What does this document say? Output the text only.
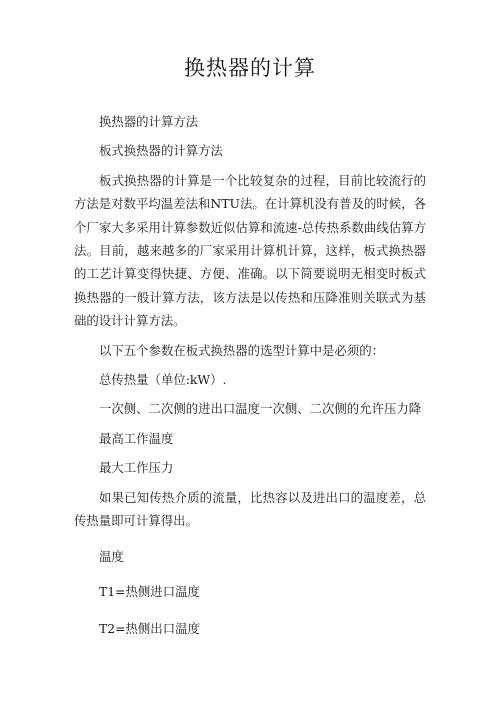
换热器的计算

换热器的计算方法

板式换热器的计算方法

板式换热器的计算是一个比较复杂的过程，目前比较流行的方法是对数平均温差法和NTU法。在计算机没有普及的时候，各个厂家大多采用计算参数近似估算和流速-总传热系数曲线估算方法。目前，越来越多的厂家采用计算机计算，这样，板式换热器的工艺计算变得快捷、方便、准确。以下简要说明无相变时板式换热器的一般计算方法，该方法是以传热和压降准则关联式为基础的设计计算方法。

以下五个参数在板式换热器的选型计算中是必须的：

总传热量（单位:kW）.

一次侧、二次侧的进出口温度一次侧、二次侧的允许压力降

最高工作温度

最大工作压力

如果已知传热介质的流量，比热容以及进出口的温度差，总传热量即可计算得出。

温度

T1=热侧进口温度

T2=热侧出口温度
